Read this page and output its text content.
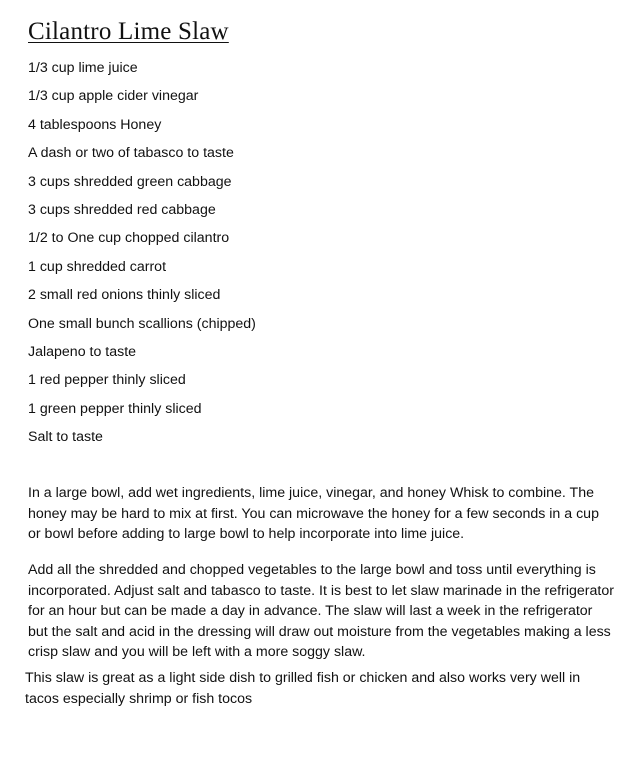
Cilantro Lime Slaw
1/3 cup lime juice
1/3 cup apple cider vinegar
4 tablespoons Honey
A dash or two of tabasco to taste
3 cups shredded green cabbage
3 cups shredded red cabbage
1/2 to One cup chopped cilantro
1 cup shredded carrot
2 small red onions thinly sliced
One small bunch scallions (chipped)
Jalapeno to taste
1 red pepper thinly sliced
1 green pepper thinly sliced
Salt to taste

In a large bowl, add wet ingredients, lime juice, vinegar, and honey Whisk to combine. The honey may be hard to mix at first. You can microwave the honey for a few seconds in a cup or bowl before adding to large bowl to help incorporate into lime juice.

Add all the shredded and chopped vegetables to the large bowl and toss until everything is incorporated. Adjust salt and tabasco to taste. It is best to let slaw marinade in the refrigerator for an hour but can be made a day in advance. The slaw will last a week in the refrigerator but the salt and acid in the dressing will draw out moisture from the vegetables making a less crisp slaw and you will be left with a more soggy slaw.

This slaw is great as a light side dish to grilled fish or chicken and also works very well in tacos especially shrimp or fish tocos
